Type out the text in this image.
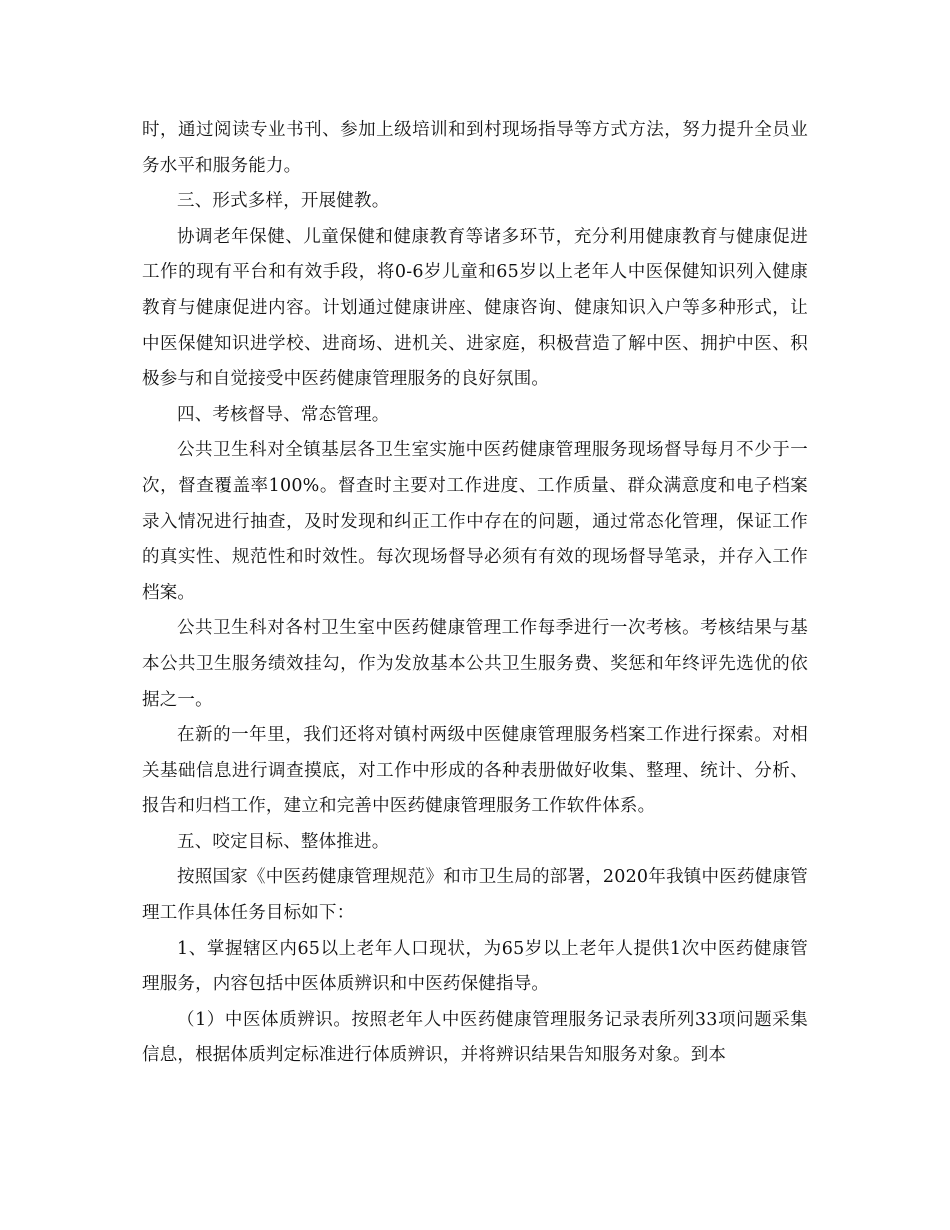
时，通过阅读专业书刊、参加上级培训和到村现场指导等方式方法，努力提升全员业务水平和服务能力。

三、形式多样，开展健教。

协调老年保健、儿童保健和健康教育等诸多环节，充分利用健康教育与健康促进工作的现有平台和有效手段，将0-6岁儿童和65岁以上老年人中医保健知识列入健康教育与健康促进内容。计划通过健康讲座、健康咨询、健康知识入户等多种形式，让中医保健知识进学校、进商场、进机关、进家庭，积极营造了解中医、拥护中医、积极参与和自觉接受中医药健康管理服务的良好氛围。

四、考核督导、常态管理。

公共卫生科对全镇基层各卫生室实施中医药健康管理服务现场督导每月不少于一次，督查覆盖率100%。督查时主要对工作进度、工作质量、群众满意度和电子档案录入情况进行抽查，及时发现和纠正工作中存在的问题，通过常态化管理，保证工作的真实性、规范性和时效性。每次现场督导必须有有效的现场督导笔录，并存入工作档案。

公共卫生科对各村卫生室中医药健康管理工作每季进行一次考核。考核结果与基本公共卫生服务绩效挂勾，作为发放基本公共卫生服务费、奖惩和年终评先选优的依据之一。

在新的一年里，我们还将对镇村两级中医健康管理服务档案工作进行探索。对相关基础信息进行调查摸底，对工作中形成的各种表册做好收集、整理、统计、分析、报告和归档工作，建立和完善中医药健康管理服务工作软件体系。

五、咬定目标、整体推进。

按照国家《中医药健康管理规范》和市卫生局的部署，2020年我镇中医药健康管理工作具体任务目标如下：

1、掌握辖区内65以上老年人口现状，为65岁以上老年人提供1次中医药健康管理服务，内容包括中医体质辨识和中医药保健指导。

（1）中医体质辨识。按照老年人中医药健康管理服务记录表所列33项问题采集信息，根据体质判定标准进行体质辨识，并将辨识结果告知服务对象。到本
